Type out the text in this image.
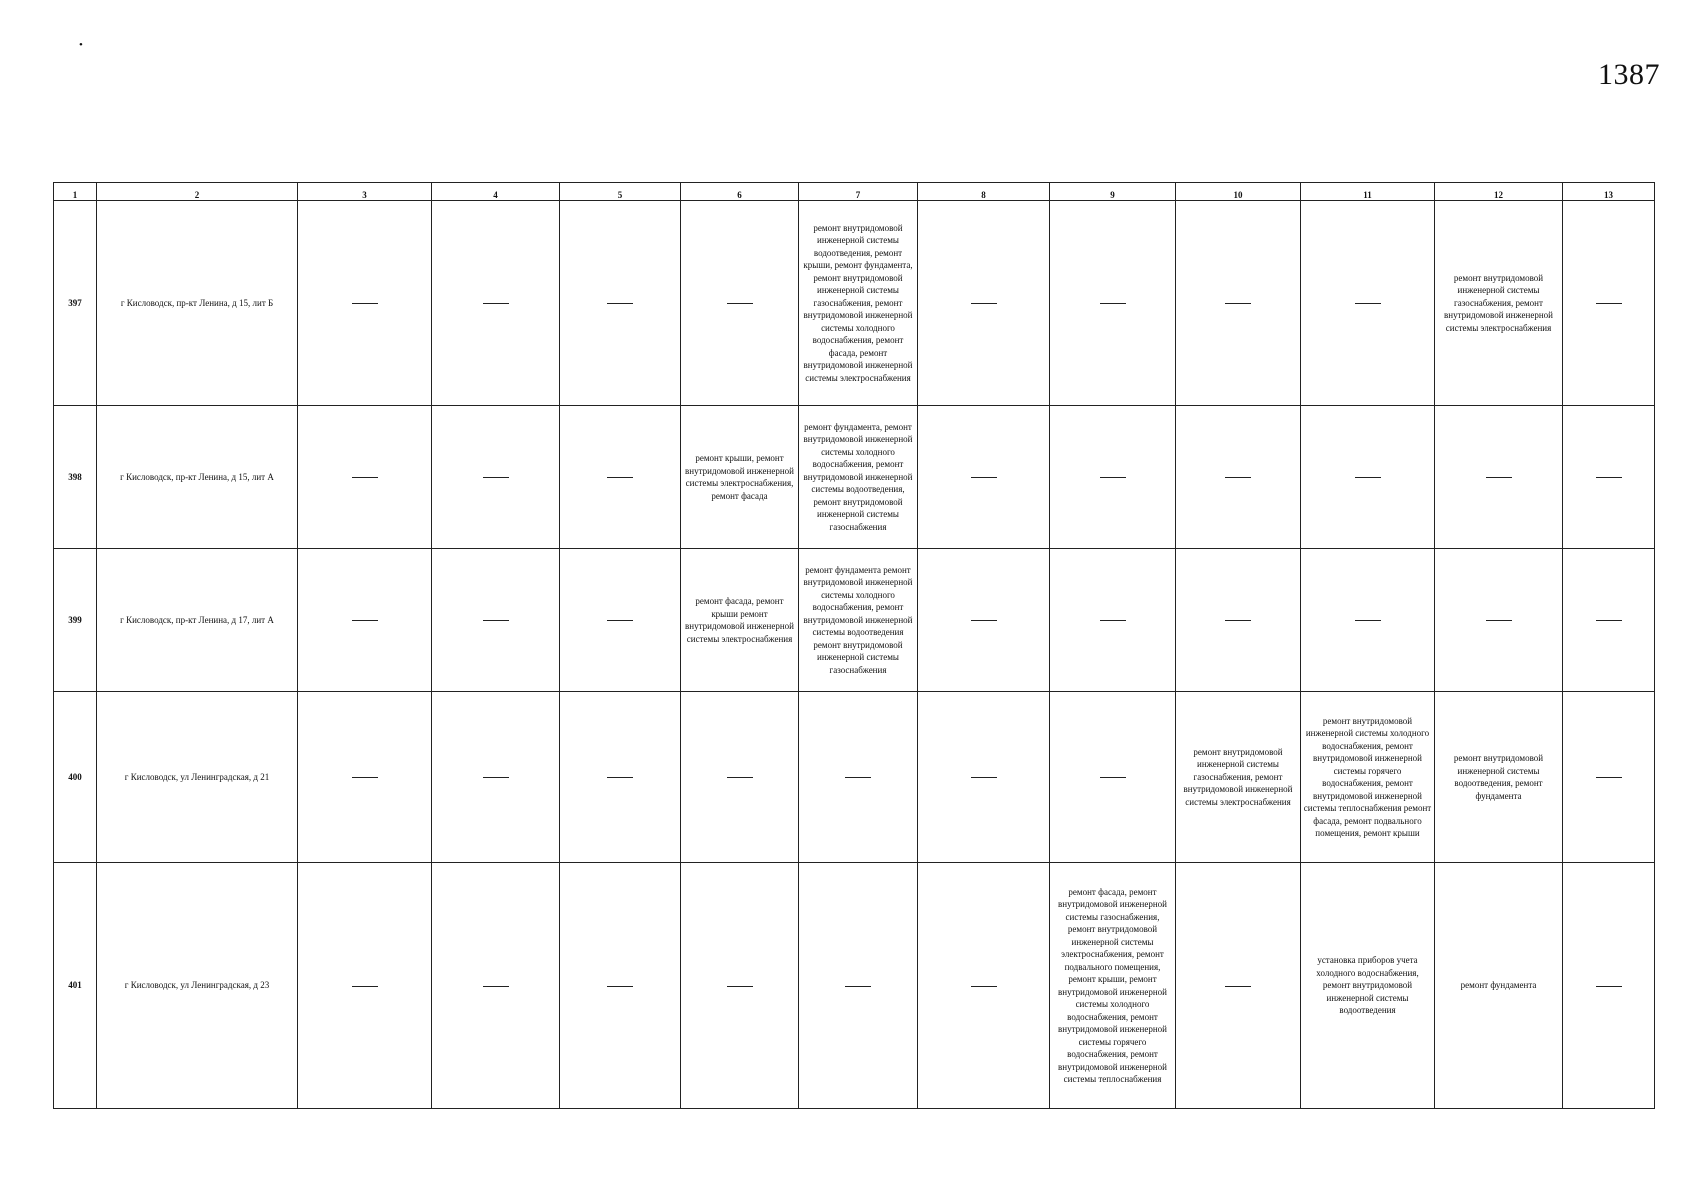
•
1387
1	2	3	4	5	6	7	8	9	10	11	12	13
397	г Кисловодск, пр-кт Ленина, д 15, лит Б					ремонт внутридомовой инженерной системы водоотведения, ремонт крыши, ремонт фундамента, ремонт внутридомовой инженерной системы газоснабжения, ремонт внутридомовой инженерной системы холодного водоснабжения, ремонт фасада, ремонт внутридомовой инженерной системы электроснабжения					ремонт внутридомовой инженерной системы газоснабжения, ремонт внутридомовой инженерной системы электроснабжения	

398	г Кисловодск, пр-кт Ленина, д 15, лит А				ремонт крыши, ремонт внутридомовой инженерной системы электроснабжения, ремонт фасада	ремонт фундамента, ремонт внутридомовой инженерной системы холодного водоснабжения, ремонт внутридомовой инженерной системы водоотведения, ремонт внутридомовой инженерной системы газоснабжения						

399	г Кисловодск, пр-кт Ленина, д 17, лит А				ремонт фасада, ремонт крыши ремонт внутридомовой инженерной системы электроснабжения	ремонт фундамента ремонт внутридомовой инженерной системы холодного водоснабжения, ремонт внутридомовой инженерной системы водоотведения ремонт внутридомовой инженерной системы газоснабжения						

400	г Кисловодск, ул Ленинградская, д 21								ремонт внутридомовой инженерной системы газоснабжения, ремонт внутридомовой инженерной системы электроснабжения	ремонт внутридомовой инженерной системы холодного водоснабжения, ремонт внутридомовой инженерной системы горячего водоснабжения, ремонт внутридомовой инженерной системы теплоснабжения ремонт фасада, ремонт подвального помещения, ремонт крыши	ремонт внутридомовой инженерной системы водоотведения, ремонт фундамента	

401	г Кисловодск, ул Ленинградская, д 23							ремонт фасада, ремонт внутридомовой инженерной системы газоснабжения, ремонт внутридомовой инженерной системы электроснабжения, ремонт подвального помещения, ремонт крыши, ремонт внутридомовой инженерной системы холодного водоснабжения, ремонт внутридомовой инженерной системы горячего водоснабжения, ремонт внутридомовой инженерной системы теплоснабжения		установка приборов учета холодного водоснабжения, ремонт внутридомовой инженерной системы водоотведения	ремонт фундамента	
